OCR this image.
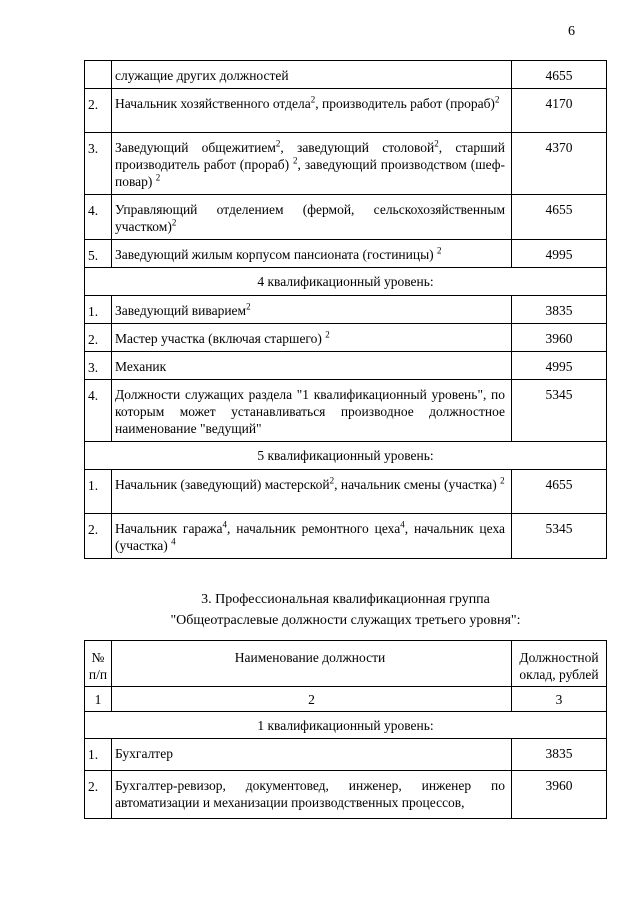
6
	служащие других должностей	4655
2.	Начальник хозяйственного отдела$^2$, производитель работ (прораб)$^2$	4170
3.	Заведующий общежитием$^2$, заведующий столовой$^2$, старший производитель работ (прораб) $^2$, заведующий производством (шеф-повар) $^2$	4370
4.	Управляющий отделением (фермой, сельскохозяйственным участком)$^2$	4655
5.	Заведующий жилым корпусом пансионата (гостиницы) $^2$	4995
4 квалификационный уровень:		
1.	Заведующий виварием$^2$	3835
2.	Мастер участка (включая старшего) $^2$	3960
3.	Механик	4995
4.	Должности служащих раздела "1 квалификационный уровень", по которым может устанавливаться производное должностное наименование "ведущий"	5345
5 квалификационный уровень:		
1.	Начальник (заведующий) мастерской$^2$, начальник смены (участка) $^2$	4655
2.	Начальник гаража$^4$, начальник ремонтного цеха$^4$, начальник цеха (участка) $^4$	5345
3. Профессиональная квалификационная группа
"Общеотраслевые должности служащих третьего уровня":
№ п/п	Наименование должности	Должностной оклад, рублей
1	2	3
1 квалификационный уровень:		
1.	Бухгалтер	3835
2.	Бухгалтер-ревизор, документовед, инженер, инженер по автоматизации и механизации производственных процессов,	3960
